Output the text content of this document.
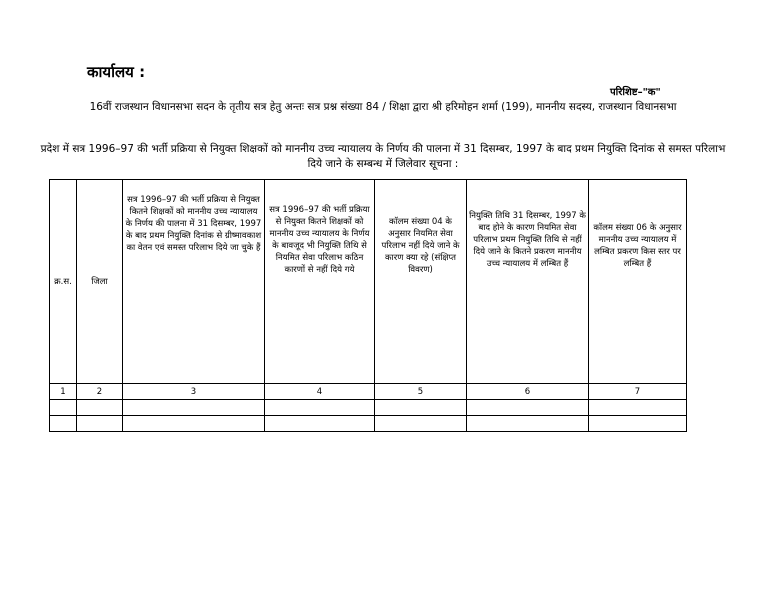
कार्यालय :
परिशिष्ट–"क"
16वीं राजस्थान विधानसभा सदन के तृतीय सत्र हेतु अन्तः सत्र प्रश्न संख्या 84 / शिक्षा द्वारा श्री हरिमोहन शर्मा (199), माननीय सदस्य, राजस्थान विधानसभा
प्रदेश में सत्र 1996–97 की भर्ती प्रक्रिया से नियुक्त शिक्षकों को माननीय उच्च न्यायालय के निर्णय की पालना में 31 दिसम्बर, 1997 के बाद प्रथम नियुक्ति दिनांक से समस्त परिलाभ दिये जाने के सम्बन्ध में जिलेवार सूचना :
क्र.स.	जिला	सत्र 1996–97 की भर्ती प्रक्रिया से नियुक्त कितने शिक्षकों को माननीय उच्च न्यायालय के निर्णय की पालना में 31 दिसम्बर, 1997 के बाद प्रथम नियुक्ति दिनांक से ग्रीष्मावकाश का वेतन एवं समस्त परिलाभ दिये जा चुके हैं	सत्र 1996–97 की भर्ती प्रक्रिया से नियुक्त कितने शिक्षकों को माननीय उच्च न्यायालय के निर्णय के बावजूद भी नियुक्ति तिथि से नियमित सेवा परिलाभ कठिन कारणों से नहीं दिये गये	कॉलम संख्या 04 के अनुसार नियमित सेवा परिलाभ नहीं दिये जाने के कारण क्या रहे (संक्षिप्त विवरण)	नियुक्ति तिथि 31 दिसम्बर, 1997 के बाद होने के कारण नियमित सेवा परिलाभ प्रथम नियुक्ति तिथि से नहीं दिये जाने के कितने प्रकरण माननीय उच्च न्यायालय में लम्बित हैं	कॉलम संख्या 06 के अनुसार माननीय उच्च न्यायालय में लम्बित प्रकरण किस स्तर पर लम्बित हैं
1	2	3	4	5	6	7
